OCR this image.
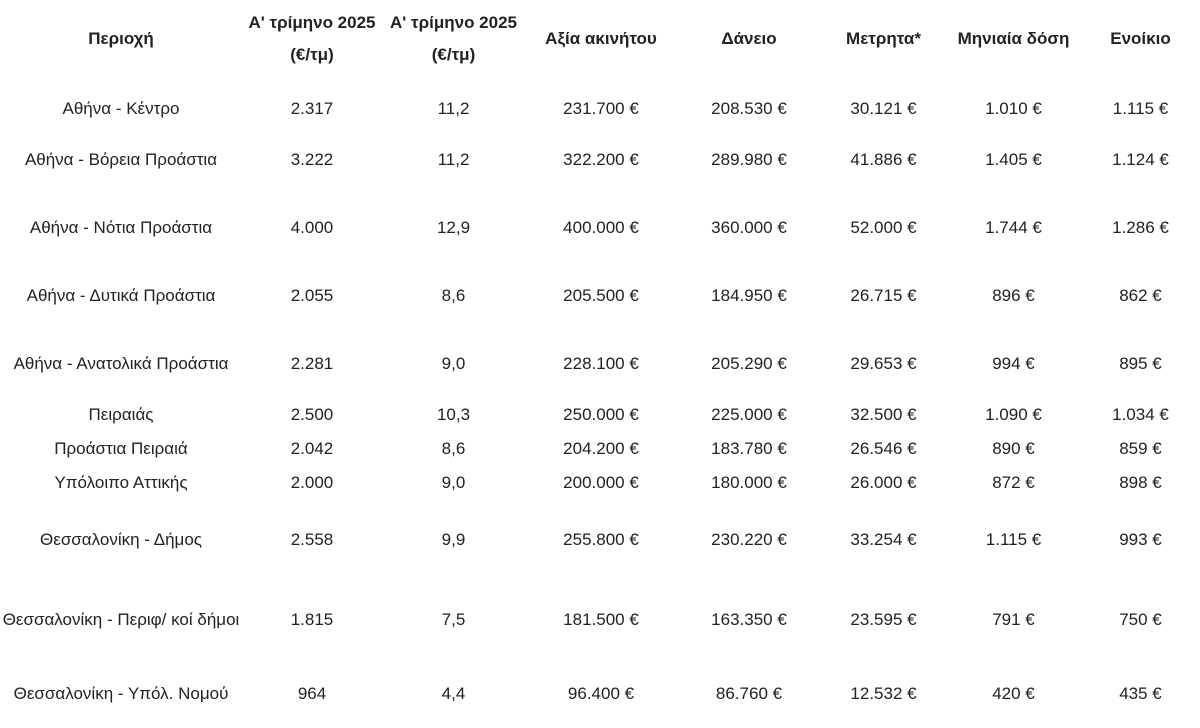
Περιοχή	Α' τρίμηνο 2025 (€/τμ)	Α' τρίμηνο 2025 (€/τμ)	Αξία ακινήτου	Δάνειο	Μετρητα*	Μηνιαία δόση	Ενοίκιο
Αθήνα - Κέντρο	2.317	11,2	231.700 €	208.530 €	30.121 €	1.010 €	1.115 €
Αθήνα - Βόρεια Προάστια	3.222	11,2	322.200 €	289.980 €	41.886 €	1.405 €	1.124 €
Αθήνα - Νότια Προάστια	4.000	12,9	400.000 €	360.000 €	52.000 €	1.744 €	1.286 €
Αθήνα - Δυτικά Προάστια	2.055	8,6	205.500 €	184.950 €	26.715 €	896 €	862 €
Αθήνα - Ανατολικά Προάστια	2.281	9,0	228.100 €	205.290 €	29.653 €	994 €	895 €
Πειραιάς	2.500	10,3	250.000 €	225.000 €	32.500 €	1.090 €	1.034 €
Προάστια Πειραιά	2.042	8,6	204.200 €	183.780 €	26.546 €	890 €	859 €
Υπόλοιπο Αττικής	2.000	9,0	200.000 €	180.000 €	26.000 €	872 €	898 €
Θεσσαλονίκη - Δήμος	2.558	9,9	255.800 €	230.220 €	33.254 €	1.115 €	993 €
Θεσσαλονίκη - Περιφ/ κοί δήμοι	1.815	7,5	181.500 €	163.350 €	23.595 €	791 €	750 €
Θεσσαλονίκη - Υπόλ. Νομού	964	4,4	96.400 €	86.760 €	12.532 €	420 €	435 €
